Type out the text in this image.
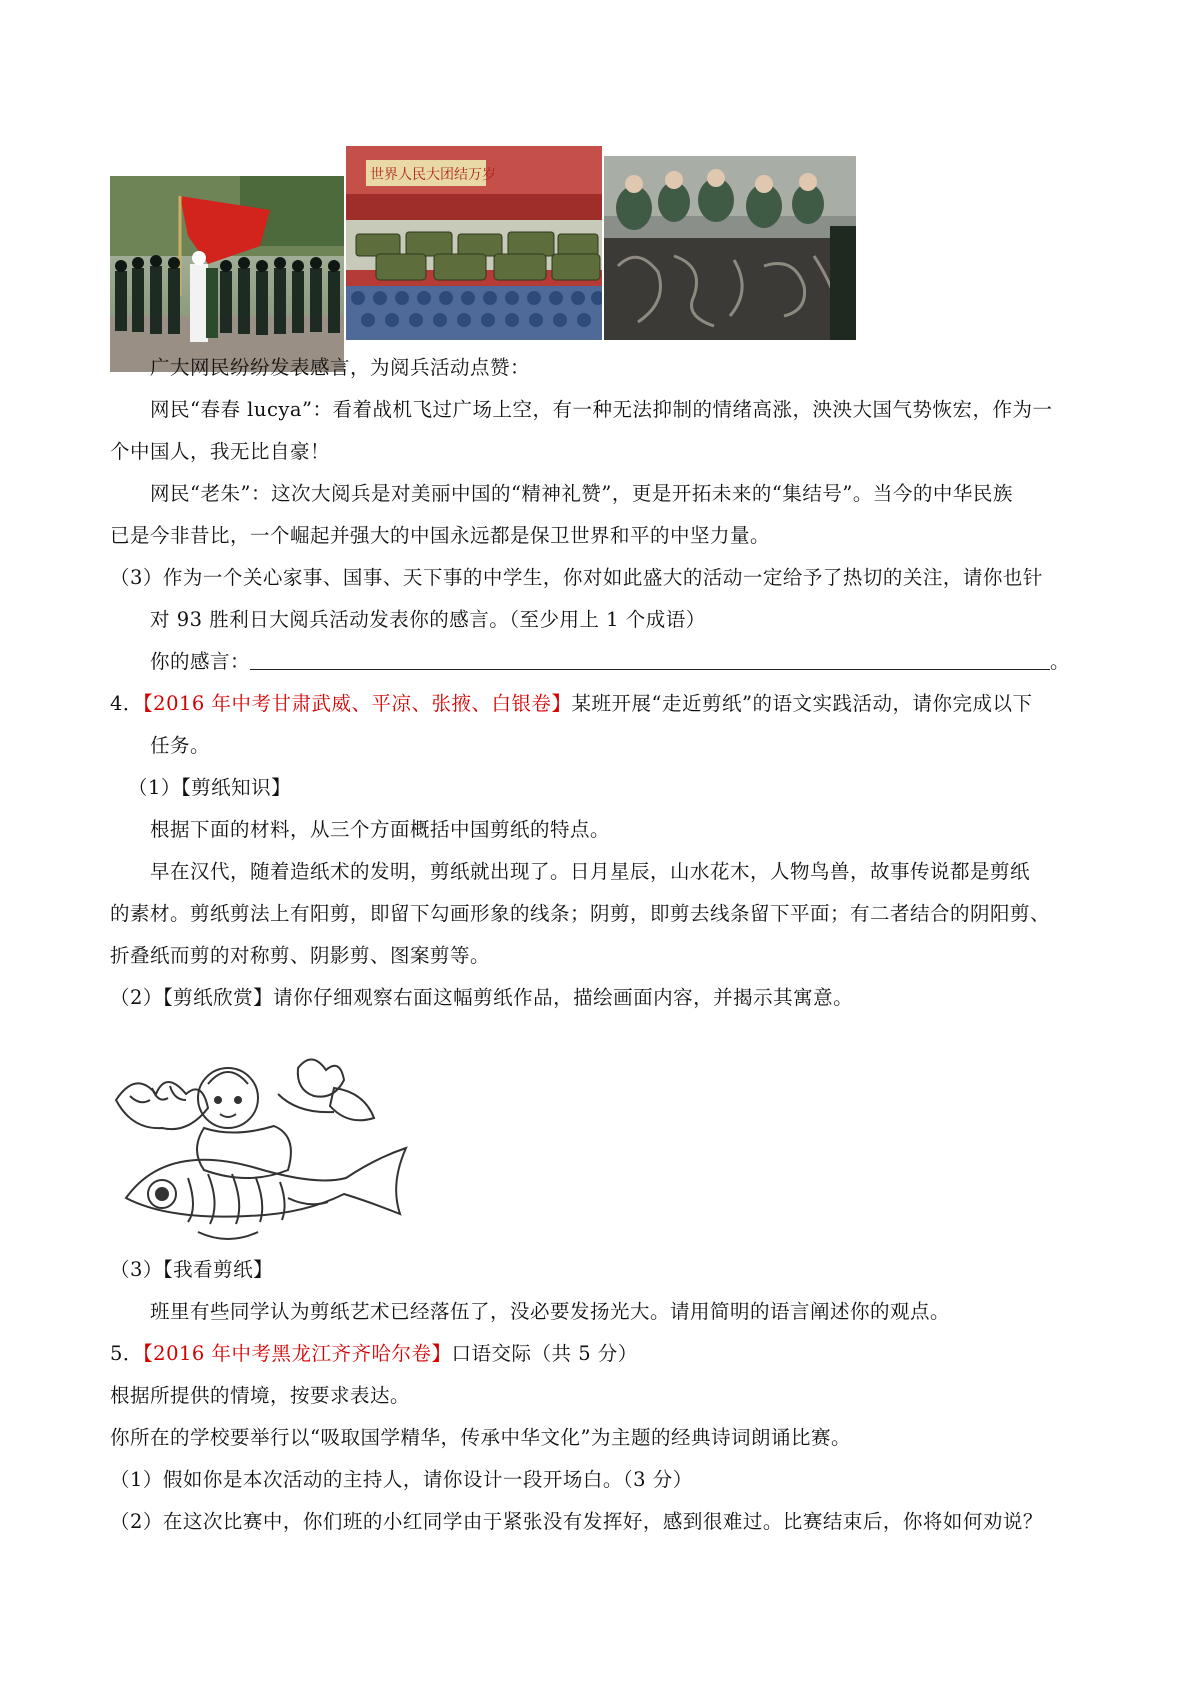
世界人民大团结万岁
广大网民纷纷发表感言，为阅兵活动点赞：
网民“春春 lucya”：看着战机飞过广场上空，有一种无法抑制的情绪高涨，泱泱大国气势恢宏，作为一
个中国人，我无比自豪！
网民“老朱”：这次大阅兵是对美丽中国的“精神礼赞”，更是开拓未来的“集结号”。当今的中华民族
已是今非昔比，一个崛起并强大的中国永远都是保卫世界和平的中坚力量。
（3）作为一个关心家事、国事、天下事的中学生，你对如此盛大的活动一定给予了热切的关注，请你也针
对 93 胜利日大阅兵活动发表你的感言。（至少用上 1 个成语）
你的感言：	。
4．【2016 年中考甘肃武威、平凉、张掖、白银卷】某班开展“走近剪纸”的语文实践活动，请你完成以下
任务。
（1）【剪纸知识】
根据下面的材料，从三个方面概括中国剪纸的特点。
早在汉代，随着造纸术的发明，剪纸就出现了。日月星辰，山水花木，人物鸟兽，故事传说都是剪纸
的素材。剪纸剪法上有阳剪，即留下勾画形象的线条；阴剪，即剪去线条留下平面；有二者结合的阴阳剪、
折叠纸而剪的对称剪、阴影剪、图案剪等。
（2）【剪纸欣赏】请你仔细观察右面这幅剪纸作品，描绘画面内容，并揭示其寓意。
（3）【我看剪纸】
班里有些同学认为剪纸艺术已经落伍了，没必要发扬光大。请用简明的语言阐述你的观点。
5．【2016 年中考黑龙江齐齐哈尔卷】口语交际（共 5 分）
根据所提供的情境，按要求表达。
你所在的学校要举行以“吸取国学精华，传承中华文化”为主题的经典诗词朗诵比赛。
（1）假如你是本次活动的主持人，请你设计一段开场白。（3 分）
（2）在这次比赛中，你们班的小红同学由于紧张没有发挥好，感到很难过。比赛结束后，你将如何劝说？
